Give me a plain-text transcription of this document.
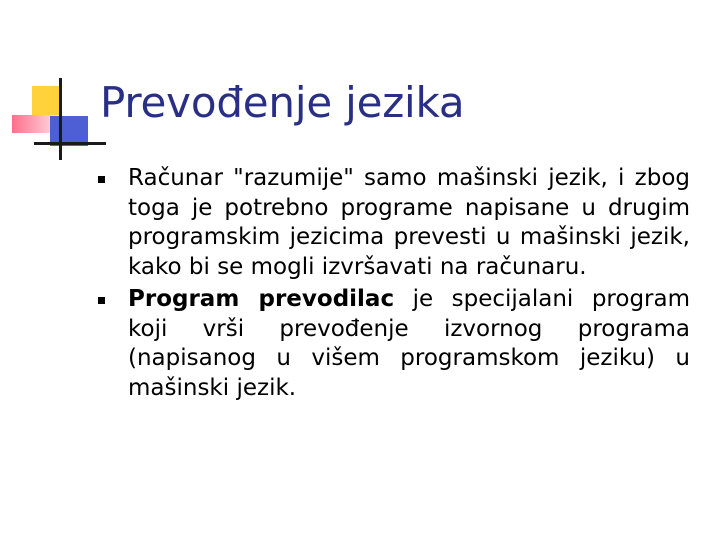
Prevođenje jezika
Računar "razumije" samo mašinski jezik, i zbog toga je potrebno programe napisane u drugim programskim jezicima prevesti u mašinski jezik, kako bi se mogli izvršavati na računaru.
Program prevodilac je specijalani program koji vrši prevođenje izvornog programa (napisanog u višem programskom jeziku) u mašinski jezik.
